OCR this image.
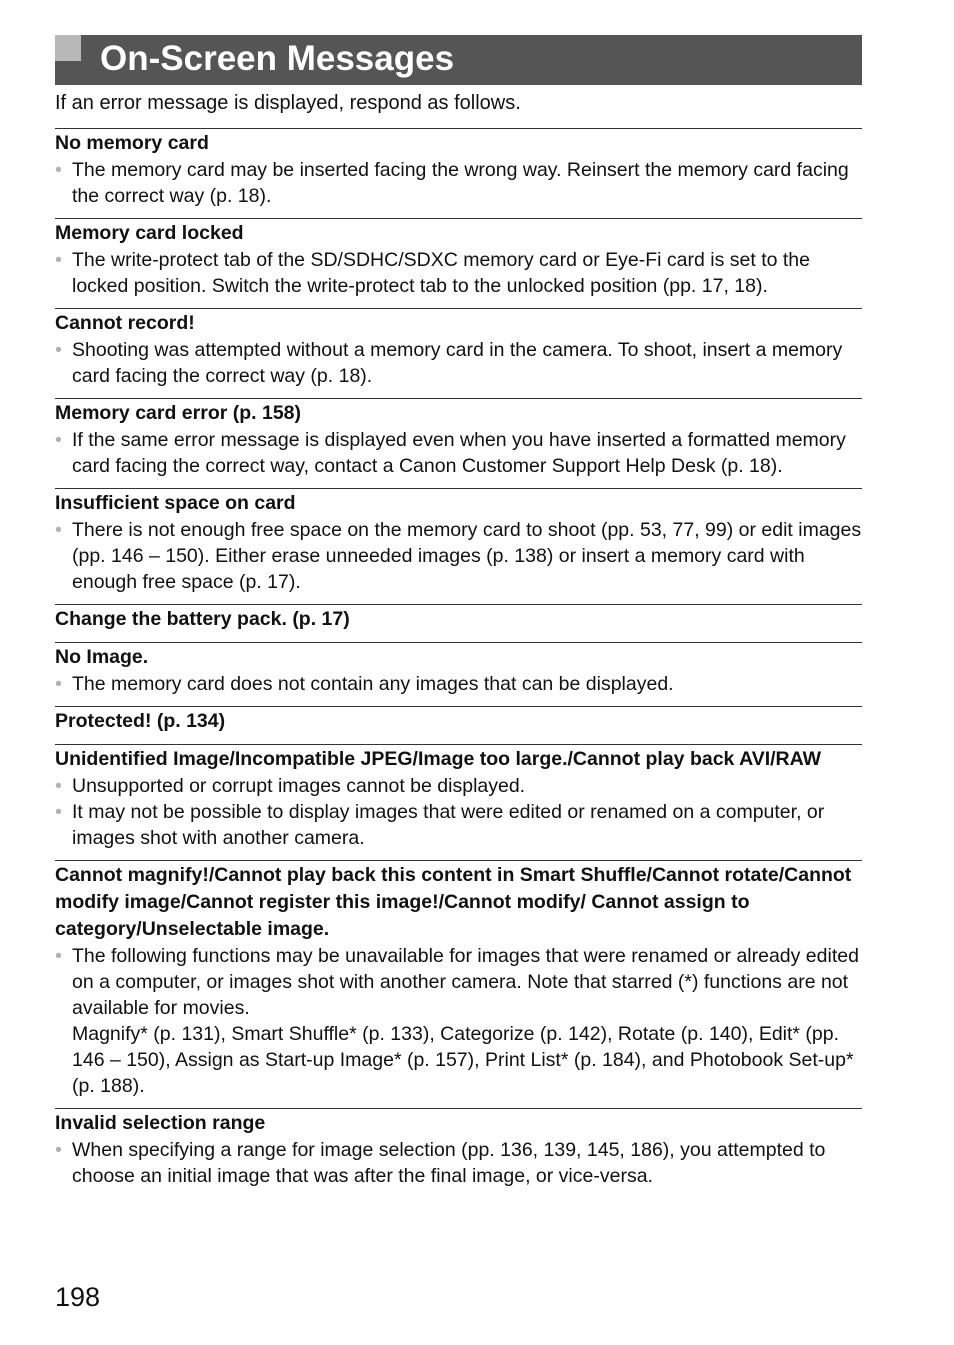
On-Screen Messages
If an error message is displayed, respond as follows.
No memory card
• The memory card may be inserted facing the wrong way. Reinsert the memory card facing the correct way (p. 18).
Memory card locked
• The write-protect tab of the SD/SDHC/SDXC memory card or Eye-Fi card is set to the locked position. Switch the write-protect tab to the unlocked position (pp. 17, 18).
Cannot record!
• Shooting was attempted without a memory card in the camera. To shoot, insert a memory card facing the correct way (p. 18).
Memory card error (p. 158)
• If the same error message is displayed even when you have inserted a formatted memory card facing the correct way, contact a Canon Customer Support Help Desk (p. 18).
Insufficient space on card
• There is not enough free space on the memory card to shoot (pp. 53, 77, 99) or edit images (pp. 146 – 150). Either erase unneeded images (p. 138) or insert a memory card with enough free space (p. 17).
Change the battery pack. (p. 17)
No Image.
• The memory card does not contain any images that can be displayed.
Protected! (p. 134)
Unidentified Image/Incompatible JPEG/Image too large./Cannot play back AVI/RAW
• Unsupported or corrupt images cannot be displayed.
• It may not be possible to display images that were edited or renamed on a computer, or images shot with another camera.
Cannot magnify!/Cannot play back this content in Smart Shuffle/Cannot rotate/Cannot modify image/Cannot register this image!/Cannot modify/ Cannot assign to category/Unselectable image.
• The following functions may be unavailable for images that were renamed or already edited on a computer, or images shot with another camera. Note that starred (*) functions are not available for movies.
Magnify* (p. 131), Smart Shuffle* (p. 133), Categorize (p. 142), Rotate (p. 140), Edit* (pp. 146 – 150), Assign as Start-up Image* (p. 157), Print List* (p. 184), and Photobook Set-up* (p. 188).
Invalid selection range
• When specifying a range for image selection (pp. 136, 139, 145, 186), you attempted to choose an initial image that was after the final image, or vice-versa.
198
